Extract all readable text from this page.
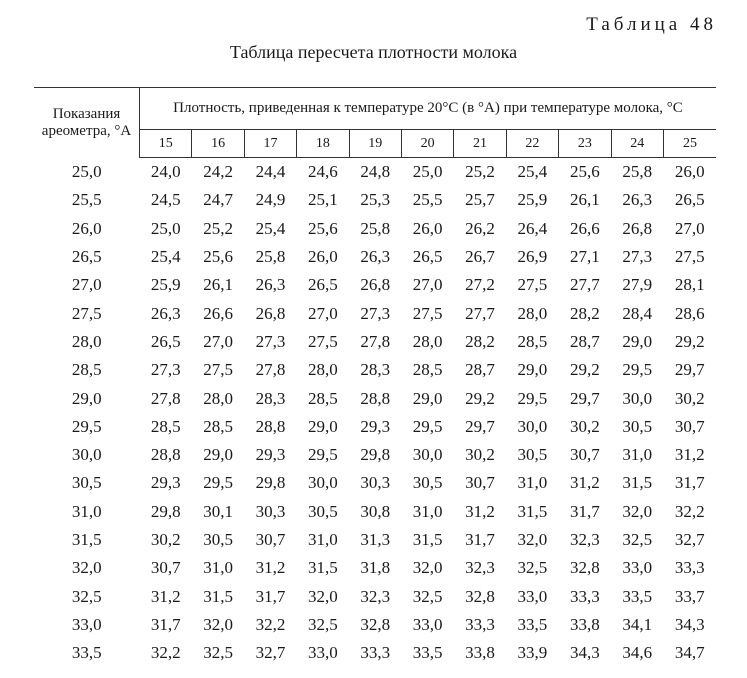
Таблица 48
Таблица пересчета плотности молока
Показания ареометра, °А	Плотность, приведенная к температуре 20°С (в °А) при температуре молока, °С										
	15	16	17	18	19	20	21	22	23	24	25
25,0	24,0	24,2	24,4	24,6	24,8	25,0	25,2	25,4	25,6	25,8	26,0
25,5	24,5	24,7	24,9	25,1	25,3	25,5	25,7	25,9	26,1	26,3	26,5
26,0	25,0	25,2	25,4	25,6	25,8	26,0	26,2	26,4	26,6	26,8	27,0
26,5	25,4	25,6	25,8	26,0	26,3	26,5	26,7	26,9	27,1	27,3	27,5
27,0	25,9	26,1	26,3	26,5	26,8	27,0	27,2	27,5	27,7	27,9	28,1
27,5	26,3	26,6	26,8	27,0	27,3	27,5	27,7	28,0	28,2	28,4	28,6
28,0	26,5	27,0	27,3	27,5	27,8	28,0	28,2	28,5	28,7	29,0	29,2
28,5	27,3	27,5	27,8	28,0	28,3	28,5	28,7	29,0	29,2	29,5	29,7
29,0	27,8	28,0	28,3	28,5	28,8	29,0	29,2	29,5	29,7	30,0	30,2
29,5	28,5	28,5	28,8	29,0	29,3	29,5	29,7	30,0	30,2	30,5	30,7
30,0	28,8	29,0	29,3	29,5	29,8	30,0	30,2	30,5	30,7	31,0	31,2
30,5	29,3	29,5	29,8	30,0	30,3	30,5	30,7	31,0	31,2	31,5	31,7
31,0	29,8	30,1	30,3	30,5	30,8	31,0	31,2	31,5	31,7	32,0	32,2
31,5	30,2	30,5	30,7	31,0	31,3	31,5	31,7	32,0	32,3	32,5	32,7
32,0	30,7	31,0	31,2	31,5	31,8	32,0	32,3	32,5	32,8	33,0	33,3
32,5	31,2	31,5	31,7	32,0	32,3	32,5	32,8	33,0	33,3	33,5	33,7
33,0	31,7	32,0	32,2	32,5	32,8	33,0	33,3	33,5	33,8	34,1	34,3
33,5	32,2	32,5	32,7	33,0	33,3	33,5	33,8	33,9	34,3	34,6	34,7
